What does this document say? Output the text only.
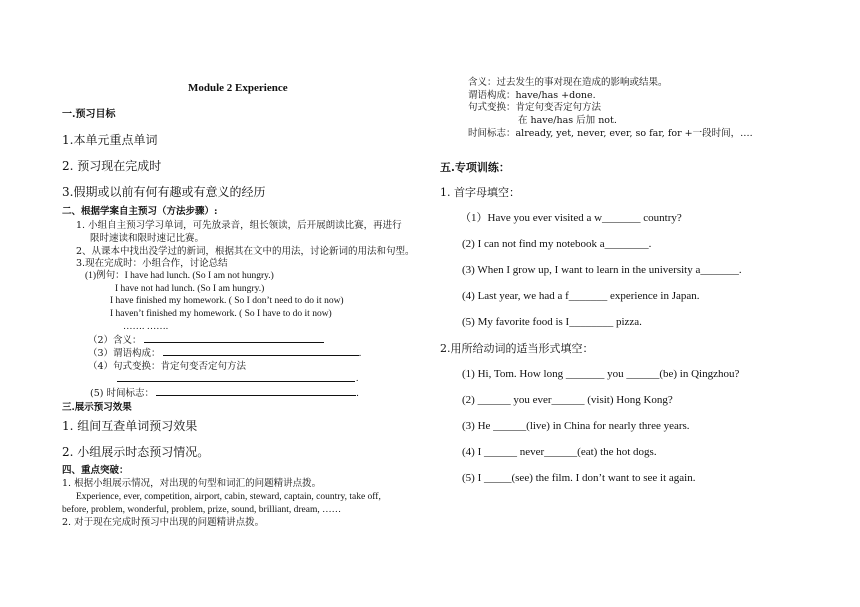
Module 2 Experience
一.预习目标
1.本单元重点单词
2. 预习现在完成时
3.假期或以前有何有趣或有意义的经历
二、根据学案自主预习（方法步骤）:
1. 小组自主预习学习单词，可先放录音，组长领读，后开展朗读比赛，再进行
限时速读和限时速记比赛。
2、从课本中找出没学过的新词，根据其在文中的用法，讨论新词的用法和句型。
3.现在完成时：小组合作，讨论总结
(1)例句：I have had lunch. (So I am not hungry.)
I have not had lunch. (So I am hungry.)
I have finished my homework. ( So I don’t need to do it now)
I haven’t finished my homework. ( So I have to do it now)
……. …….
（2）含义：
（3）谓语构成：	.
（4）句式变换：肯定句变否定句方法
.
(5) 时间标志：	.
三.展示预习效果
1. 组间互查单词预习效果
2. 小组展示时态预习情况。
四、重点突破：
1. 根据小组展示情况，对出现的句型和词汇的问题精讲点拨。
Experience, ever, competition, airport, cabin, steward, captain, country, take off,
before, problem, wonderful, problem, prize, sound, brilliant, dream, ……
2. 对于现在完成时预习中出现的问题精讲点拨。
含义：过去发生的事对现在造成的影响或结果。
谓语构成：have/has +done.
句式变换：肯定句变否定句方法
在 have/has 后加 not.
时间标志：already, yet, never, ever, so far, for +一段时间，….
五.专项训练：
1. 首字母填空：
（1）Have you ever visited a w_______ country?
(2) I can not find my notebook a________.
(3) When I grow up, I want to learn in the university a_______.
(4) Last year, we had a f_______ experience in Japan.
(5) My favorite food is I________ pizza.
2.用所给动词的适当形式填空：
(1) Hi, Tom. How long _______ you ______(be) in Qingzhou?
(2) ______ you ever______ (visit) Hong Kong?
(3) He ______(live) in China for nearly three years.
(4) I ______ never______(eat) the hot dogs.
(5) I _____(see) the film. I don’t want to see it again.
